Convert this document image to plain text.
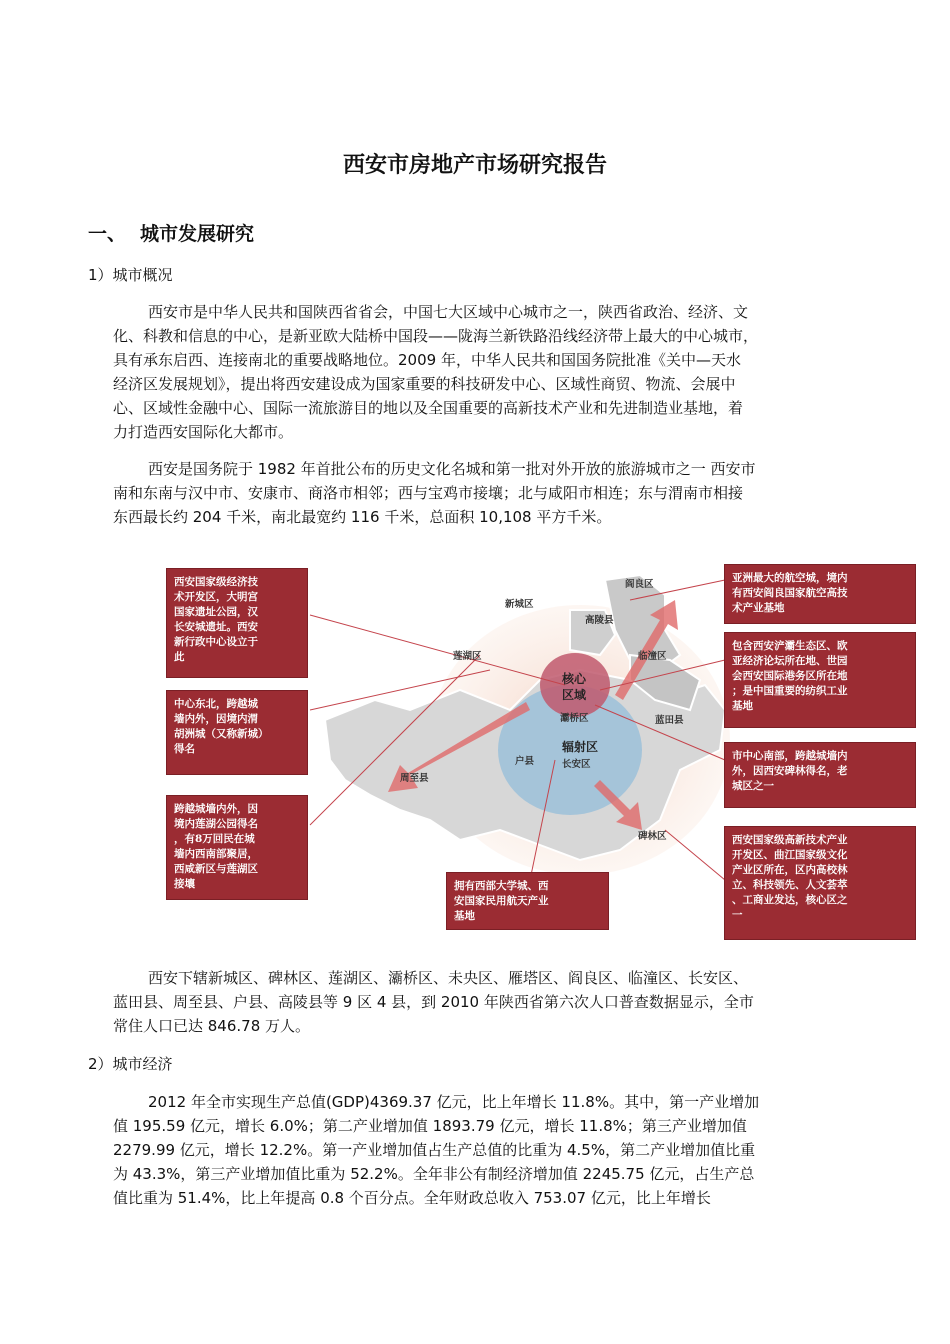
西安市房地产市场研究报告
一、 城市发展研究
1）城市概况
西安市是中华人民共和国陕西省省会，中国七大区域中心城市之一，陕西省政治、经济、文
化、科教和信息的中心，是新亚欧大陆桥中国段——陇海兰新铁路沿线经济带上最大的中心城市，
具有承东启西、连接南北的重要战略地位。2009 年，中华人民共和国国务院批准《关中—天水
经济区发展规划》，提出将西安建设成为国家重要的科技研发中心、区域性商贸、物流、会展中
心、区域性金融中心、国际一流旅游目的地以及全国重要的高新技术产业和先进制造业基地，着
力打造西安国际化大都市。
西安是国务院于 1982 年首批公布的历史文化名城和第一批对外开放的旅游城市之一 西安市
南和东南与汉中市、安康市、商洛市相邻；西与宝鸡市接壤；北与咸阳市相连；东与渭南市相接
东西最长约 204 千米，南北最宽约 116 千米，总面积 10,108 平方千米。
新城区
莲湖区
阎良区
高陵县
临潼区
核心
区域
灞桥区	蓝田县
辐射区
长安区
户县
周至县
碑林区
西安国家级经济技
术开发区，大明宫
国家遗址公园，汉
长安城遗址。西安
新行政中心设立于
此
中心东北，跨越城
墙内外，因境内渭
胡洲城（又称新城）
得名
跨越城墙内外，因
境内莲湖公园得名
，有8万回民在城
墙内西南部聚居，
西咸新区与莲湖区
接壤	拥有西部大学城、西
安国家民用航天产业
基地
亚洲最大的航空城，境内
有西安阎良国家航空高技
术产业基地
包含西安浐灞生态区、欧
亚经济论坛所在地、世园
会西安国际港务区所在地
；是中国重要的纺织工业
基地
市中心南部，跨越城墙内
外，因西安碑林得名，老
城区之一
西安国家级高新技术产业
开发区、曲江国家级文化
产业区所在，区内高校林
立、科技领先、人文荟萃
、工商业发达，核心区之
一
西安下辖新城区、碑林区、莲湖区、灞桥区、未央区、雁塔区、阎良区、临潼区、长安区、
蓝田县、周至县、户县、高陵县等 9 区 4 县，到 2010 年陕西省第六次人口普查数据显示，全市
常住人口已达 846.78 万人。
2）城市经济
2012 年全市实现生产总值(GDP)4369.37 亿元，比上年增长 11.8%。其中，第一产业增加
值 195.59 亿元，增长 6.0%；第二产业增加值 1893.79 亿元，增长 11.8%；第三产业增加值
2279.99 亿元，增长 12.2%。第一产业增加值占生产总值的比重为 4.5%，第二产业增加值比重
为 43.3%，第三产业增加值比重为 52.2%。全年非公有制经济增加值 2245.75 亿元，占生产总
值比重为 51.4%，比上年提高 0.8 个百分点。全年财政总收入 753.07 亿元，比上年增长
